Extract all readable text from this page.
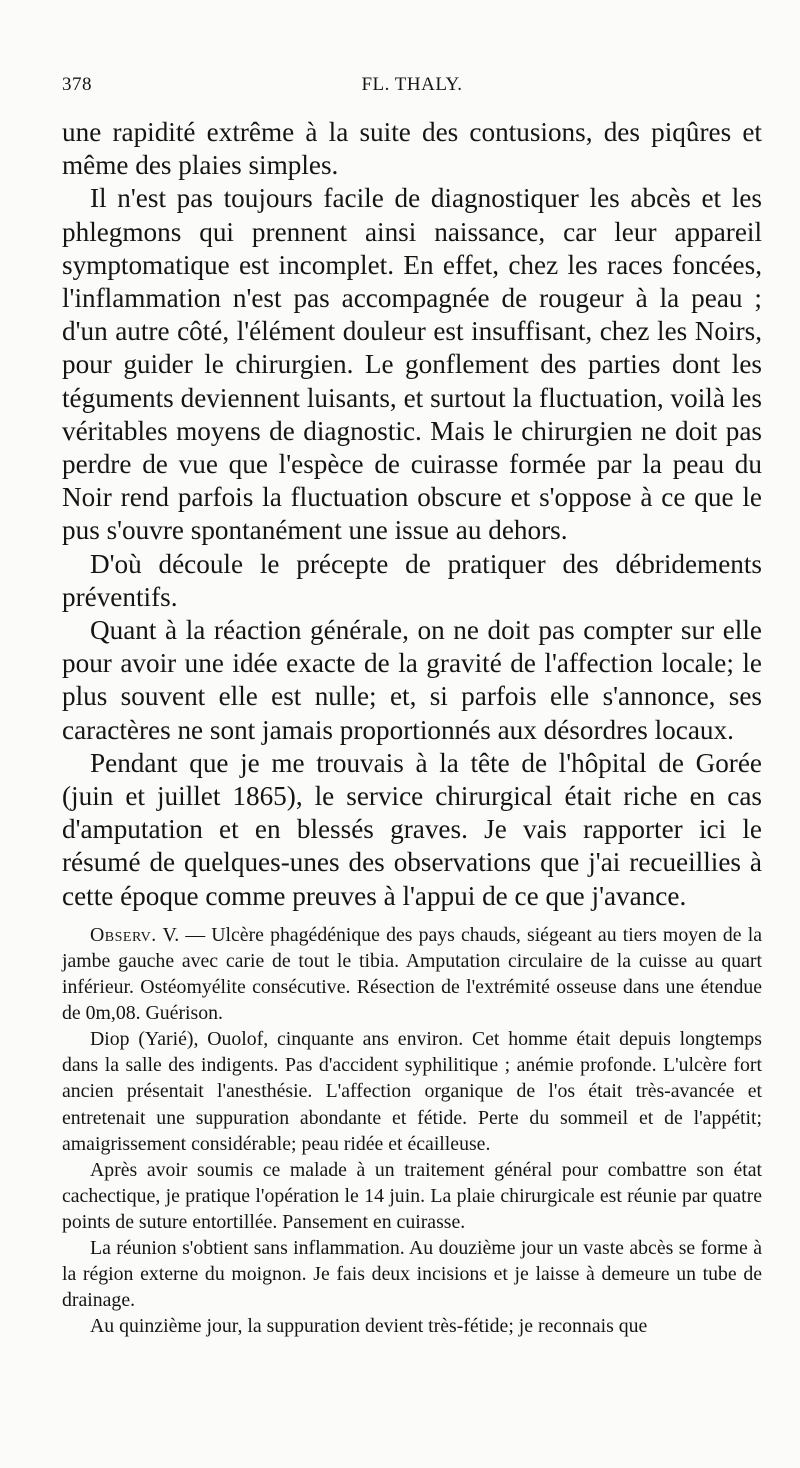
378	FL. THALY.

une rapidité extrême à la suite des contusions, des piqûres et même des plaies simples.

Il n'est pas toujours facile de diagnostiquer les abcès et les phlegmons qui prennent ainsi naissance, car leur appareil symptomatique est incomplet. En effet, chez les races foncées, l'inflammation n'est pas accompagnée de rougeur à la peau ; d'un autre côté, l'élément douleur est insuffisant, chez les Noirs, pour guider le chirurgien. Le gonflement des parties dont les téguments deviennent luisants, et surtout la fluctuation, voilà les véritables moyens de diagnostic. Mais le chirurgien ne doit pas perdre de vue que l'espèce de cuirasse formée par la peau du Noir rend parfois la fluctuation obscure et s'oppose à ce que le pus s'ouvre spontanément une issue au dehors.

D'où découle le précepte de pratiquer des débridements préventifs.

Quant à la réaction générale, on ne doit pas compter sur elle pour avoir une idée exacte de la gravité de l'affection locale; le plus souvent elle est nulle; et, si parfois elle s'annonce, ses caractères ne sont jamais proportionnés aux désordres locaux.

Pendant que je me trouvais à la tête de l'hôpital de Gorée (juin et juillet 1865), le service chirurgical était riche en cas d'amputation et en blessés graves. Je vais rapporter ici le résumé de quelques-unes des observations que j'ai recueillies à cette époque comme preuves à l'appui de ce que j'avance.

Observ. V. — Ulcère phagédénique des pays chauds, siégeant au tiers moyen de la jambe gauche avec carie de tout le tibia. Amputation circulaire de la cuisse au quart inférieur. Ostéomyélite consécutive. Résection de l'extrémité osseuse dans une étendue de 0m,08. Guérison.

Diop (Yarié), Ouolof, cinquante ans environ. Cet homme était depuis longtemps dans la salle des indigents. Pas d'accident syphilitique ; anémie profonde. L'ulcère fort ancien présentait l'anesthésie. L'affection organique de l'os était très-avancée et entretenait une suppuration abondante et fétide. Perte du sommeil et de l'appétit; amaigrissement considérable; peau ridée et écailleuse.

Après avoir soumis ce malade à un traitement général pour combattre son état cachectique, je pratique l'opération le 14 juin. La plaie chirurgicale est réunie par quatre points de suture entortillée. Pansement en cuirasse.

La réunion s'obtient sans inflammation. Au douzième jour un vaste abcès se forme à la région externe du moignon. Je fais deux incisions et je laisse à demeure un tube de drainage.

Au quinzième jour, la suppuration devient très-fétide; je reconnais que
